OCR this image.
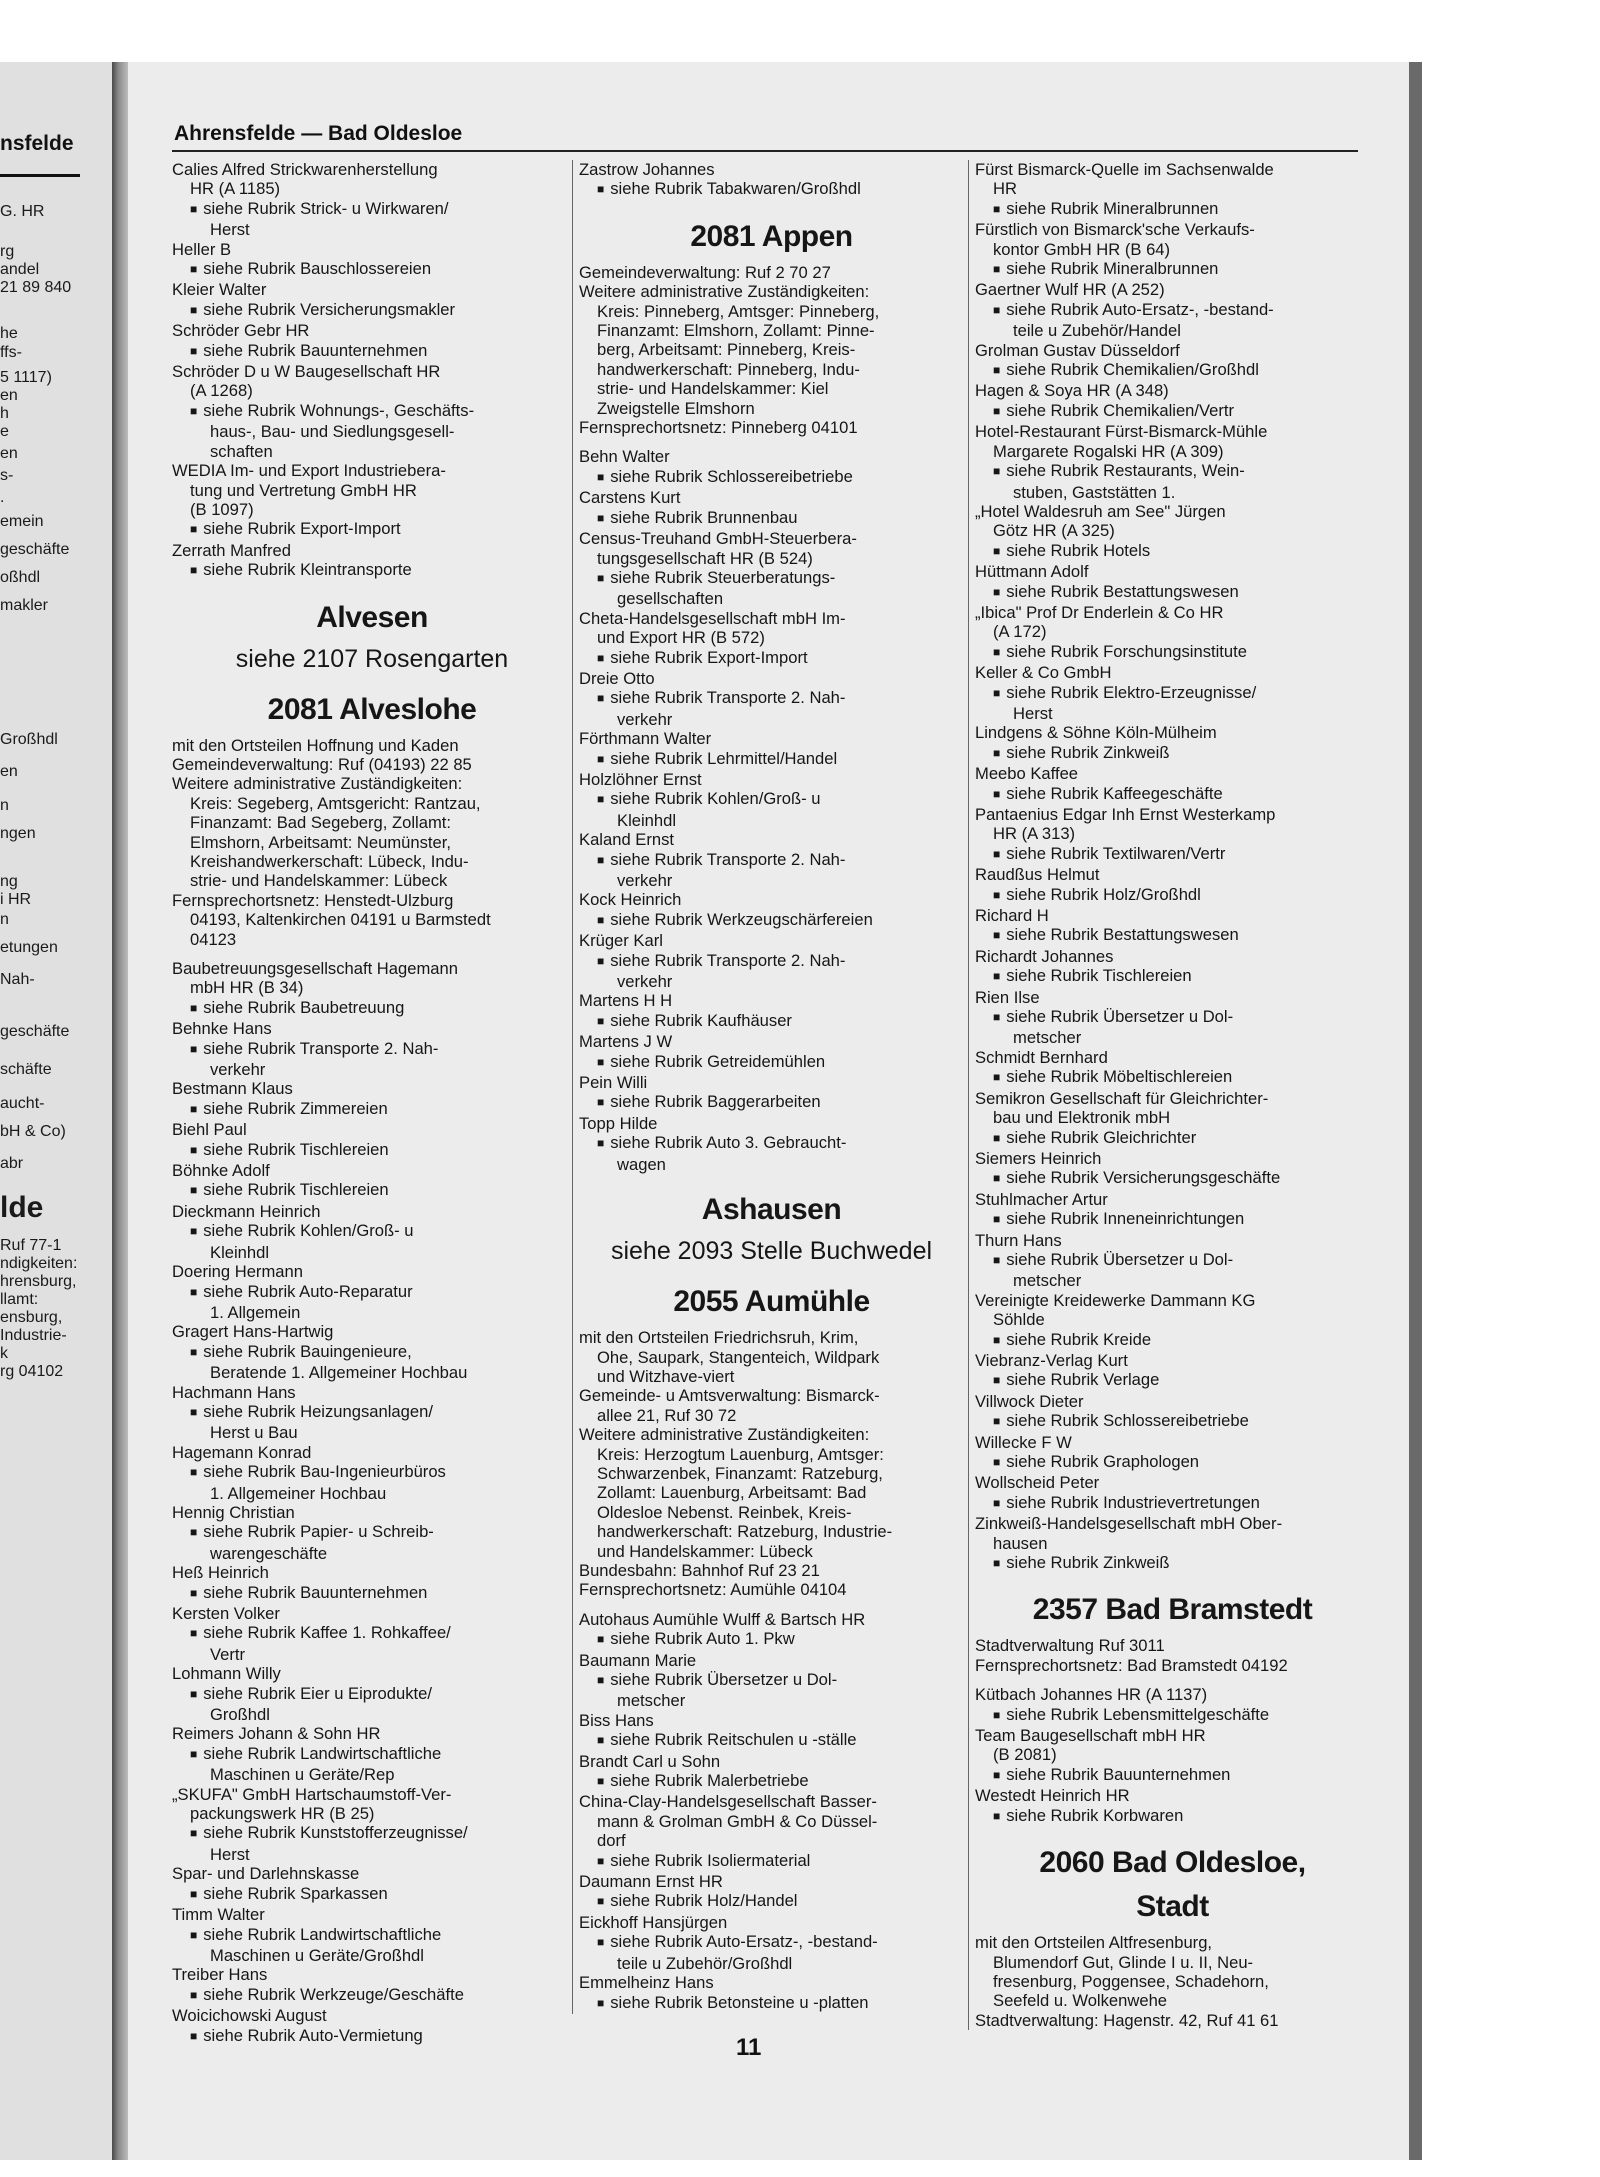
nsfelde
G. HR
rg
andel
21 89 840
he
ffs-
5 1117)
en
h
e
en
s-
.
emein
geschäfte
oßhdl
makler
Großhdl
en
n
ngen
ng
i HR
n
etungen
Nah-
geschäfte
schäfte
aucht-
bH & Co)
abr
lde
Ruf 77-1
ndigkeiten:
hrensburg,
llamt:
ensburg,
Industrie-
k
rg 04102
Ahrensfelde — Bad Oldesloe
Calies Alfred Strickwarenherstellung
HR (A 1185)
■ siehe Rubrik Strick- u Wirkwaren/
Herst
Heller B
■ siehe Rubrik Bauschlossereien
Kleier Walter
■ siehe Rubrik Versicherungsmakler
Schröder Gebr HR
■ siehe Rubrik Bauunternehmen
Schröder D u W Baugesellschaft HR
(A 1268)
■ siehe Rubrik Wohnungs-, Geschäfts-
haus-, Bau- und Siedlungsgesell-
schaften
WEDIA Im- und Export Industrieberа-
tung und Vertretung GmbH HR
(B 1097)
■ siehe Rubrik Export-Import
Zerrath Manfred
■ siehe Rubrik Kleintransporte
Alvesen
siehe 2107 Rosengarten
2081 Alveslohe
mit den Ortsteilen Hoffnung und Kaden
Gemeindeverwaltung: Ruf (04193) 22 85
Weitere administrative Zuständigkeiten:
Kreis: Segeberg, Amtsgericht: Rantzau,
Finanzamt: Bad Segeberg, Zollamt:
Elmshorn, Arbeitsamt: Neumünster,
Kreishandwerkerschaft: Lübeck, Indu-
strie- und Handelskammer: Lübeck
Fernsprechortsnetz: Henstedt-Ulzburg
04193, Kaltenkirchen 04191 u Barmstedt
04123
Baubetreuungsgesellschaft Hagemann
mbH HR (B 34)
■ siehe Rubrik Baubetreuung
Behnke Hans
■ siehe Rubrik Transporte 2. Nah-
verkehr
Bestmann Klaus
■ siehe Rubrik Zimmereien
Biehl Paul
■ siehe Rubrik Tischlereien
Böhnke Adolf
■ siehe Rubrik Tischlereien
Dieckmann Heinrich
■ siehe Rubrik Kohlen/Groß- u
Kleinhdl
Doering Hermann
■ siehe Rubrik Auto-Reparatur
1. Allgemein
Gragert Hans-Hartwig
■ siehe Rubrik Bauingenieure,
Beratende 1. Allgemeiner Hochbau
Hachmann Hans
■ siehe Rubrik Heizungsanlagen/
Herst u Bau
Hagemann Konrad
■ siehe Rubrik Bau-Ingenieurbüros
1. Allgemeiner Hochbau
Hennig Christian
■ siehe Rubrik Papier- u Schreib-
warengeschäfte
Heß Heinrich
■ siehe Rubrik Bauunternehmen
Kersten Volker
■ siehe Rubrik Kaffee 1. Rohkaffee/
Vertr
Lohmann Willy
■ siehe Rubrik Eier u Eiprodukte/
Großhdl
Reimers Johann & Sohn HR
■ siehe Rubrik Landwirtschaftliche
Maschinen u Geräte/Rep
„SKUFA" GmbH Hartschaumstoff-Ver-
packungswerk HR (B 25)
■ siehe Rubrik Kunststofferzeugnisse/
Herst
Spar- und Darlehnskasse
■ siehe Rubrik Sparkassen
Timm Walter
■ siehe Rubrik Landwirtschaftliche
Maschinen u Geräte/Großhdl
Treiber Hans
■ siehe Rubrik Werkzeuge/Geschäfte
Woicichowski August
■ siehe Rubrik Auto-Vermietung
Zastrow Johannes
■ siehe Rubrik Tabakwaren/Großhdl
2081 Appen
Gemeindeverwaltung: Ruf 2 70 27
Weitere administrative Zuständigkeiten:
Kreis: Pinneberg, Amtsger: Pinneberg,
Finanzamt: Elmshorn, Zollamt: Pinne-
berg, Arbeitsamt: Pinneberg, Kreis-
handwerkerschaft: Pinneberg, Indu-
strie- und Handelskammer: Kiel
Zweigstelle Elmshorn
Fernsprechortsnetz: Pinneberg 04101
Behn Walter
■ siehe Rubrik Schlossereibetriebe
Carstens Kurt
■ siehe Rubrik Brunnenbau
Census-Treuhand GmbH-Steuerbera-
tungsgesellschaft HR (B 524)
■ siehe Rubrik Steuerberatungs-
gesellschaften
Cheta-Handelsgesellschaft mbH Im-
und Export HR (B 572)
■ siehe Rubrik Export-Import
Dreie Otto
■ siehe Rubrik Transporte 2. Nah-
verkehr
Förthmann Walter
■ siehe Rubrik Lehrmittel/Handel
Holzlöhner Ernst
■ siehe Rubrik Kohlen/Groß- u
Kleinhdl
Kaland Ernst
■ siehe Rubrik Transporte 2. Nah-
verkehr
Kock Heinrich
■ siehe Rubrik Werkzeugschärfereien
Krüger Karl
■ siehe Rubrik Transporte 2. Nah-
verkehr
Martens H H
■ siehe Rubrik Kaufhäuser
Martens J W
■ siehe Rubrik Getreidemühlen
Pein Willi
■ siehe Rubrik Baggerarbeiten
Topp Hilde
■ siehe Rubrik Auto 3. Gebraucht-
wagen
Ashausen
siehe 2093 Stelle Buchwedel
2055 Aumühle
mit den Ortsteilen Friedrichsruh, Krim,
Ohe, Saupark, Stangenteich, Wildpark
und Witzhave-viert
Gemeinde- u Amtsverwaltung: Bismarck-
allee 21, Ruf 30 72
Weitere administrative Zuständigkeiten:
Kreis: Herzogtum Lauenburg, Amtsger:
Schwarzenbek, Finanzamt: Ratzeburg,
Zollamt: Lauenburg, Arbeitsamt: Bad
Oldesloe Nebenst. Reinbek, Kreis-
handwerkerschaft: Ratzeburg, Industrie-
und Handelskammer: Lübeck
Bundesbahn: Bahnhof Ruf 23 21
Fernsprechortsnetz: Aumühle 04104
Autohaus Aumühle Wulff & Bartsch HR
■ siehe Rubrik Auto 1. Pkw
Baumann Marie
■ siehe Rubrik Übersetzer u Dol-
metscher
Biss Hans
■ siehe Rubrik Reitschulen u -ställe
Brandt Carl u Sohn
■ siehe Rubrik Malerbetriebe
China-Clay-Handelsgesellschaft Basser-
mann & Grolman GmbH & Co Düssel-
dorf
■ siehe Rubrik Isoliermaterial
Daumann Ernst HR
■ siehe Rubrik Holz/Handel
Eickhoff Hansjürgen
■ siehe Rubrik Auto-Ersatz-, -bestand-
teile u Zubehör/Großhdl
Emmelheinz Hans
■ siehe Rubrik Betonsteine u -platten
Fürst Bismarck-Quelle im Sachsenwalde
HR
■ siehe Rubrik Mineralbrunnen
Fürstlich von Bismarck'sche Verkaufs-
kontor GmbH HR (B 64)
■ siehe Rubrik Mineralbrunnen
Gaertner Wulf HR (A 252)
■ siehe Rubrik Auto-Ersatz-, -bestand-
teile u Zubehör/Handel
Grolman Gustav Düsseldorf
■ siehe Rubrik Chemikalien/Großhdl
Hagen & Soya HR (A 348)
■ siehe Rubrik Chemikalien/Vertr
Hotel-Restaurant Fürst-Bismarck-Mühle
Margarete Rogalski HR (A 309)
■ siehe Rubrik Restaurants, Wein-
stuben, Gaststätten 1.
„Hotel Waldesruh am See" Jürgen
Götz HR (A 325)
■ siehe Rubrik Hotels
Hüttmann Adolf
■ siehe Rubrik Bestattungswesen
„Ibica" Prof Dr Enderlein & Co HR
(A 172)
■ siehe Rubrik Forschungsinstitute
Keller & Co GmbH
■ siehe Rubrik Elektro-Erzeugnisse/
Herst
Lindgens & Söhne Köln-Mülheim
■ siehe Rubrik Zinkweiß
Meebo Kaffee
■ siehe Rubrik Kaffeegeschäfte
Pantaenius Edgar Inh Ernst Westerkamp
HR (A 313)
■ siehe Rubrik Textilwaren/Vertr
Raudßus Helmut
■ siehe Rubrik Holz/Großhdl
Richard H
■ siehe Rubrik Bestattungswesen
Richardt Johannes
■ siehe Rubrik Tischlereien
Rien Ilse
■ siehe Rubrik Übersetzer u Dol-
metscher
Schmidt Bernhard
■ siehe Rubrik Möbeltischlereien
Semikron Gesellschaft für Gleichrichter-
bau und Elektronik mbH
■ siehe Rubrik Gleichrichter
Siemers Heinrich
■ siehe Rubrik Versicherungsgeschäfte
Stuhlmacher Artur
■ siehe Rubrik Inneneinrichtungen
Thurn Hans
■ siehe Rubrik Übersetzer u Dol-
metscher
Vereinigte Kreidewerke Dammann KG
Söhlde
■ siehe Rubrik Kreide
Viebranz-Verlag Kurt
■ siehe Rubrik Verlage
Villwock Dieter
■ siehe Rubrik Schlossereibetriebe
Willecke F W
■ siehe Rubrik Graphologen
Wollscheid Peter
■ siehe Rubrik Industrievertretungen
Zinkweiß-Handelsgesellschaft mbH Ober-
hausen
■ siehe Rubrik Zinkweiß
2357 Bad Bramstedt
Stadtverwaltung Ruf 3011
Fernsprechortsnetz: Bad Bramstedt 04192
Kütbach Johannes HR (A 1137)
■ siehe Rubrik Lebensmittelgeschäfte
Team Baugesellschaft mbH HR
(B 2081)
■ siehe Rubrik Bauunternehmen
Westedt Heinrich HR
■ siehe Rubrik Korbwaren
2060 Bad Oldesloe,
Stadt
mit den Ortsteilen Altfresenburg,
Blumendorf Gut, Glinde I u. II, Neu-
fresenburg, Poggensee, Schadehorn,
Seefeld u. Wolkenwehe
Stadtverwaltung: Hagenstr. 42, Ruf 41 61
11
